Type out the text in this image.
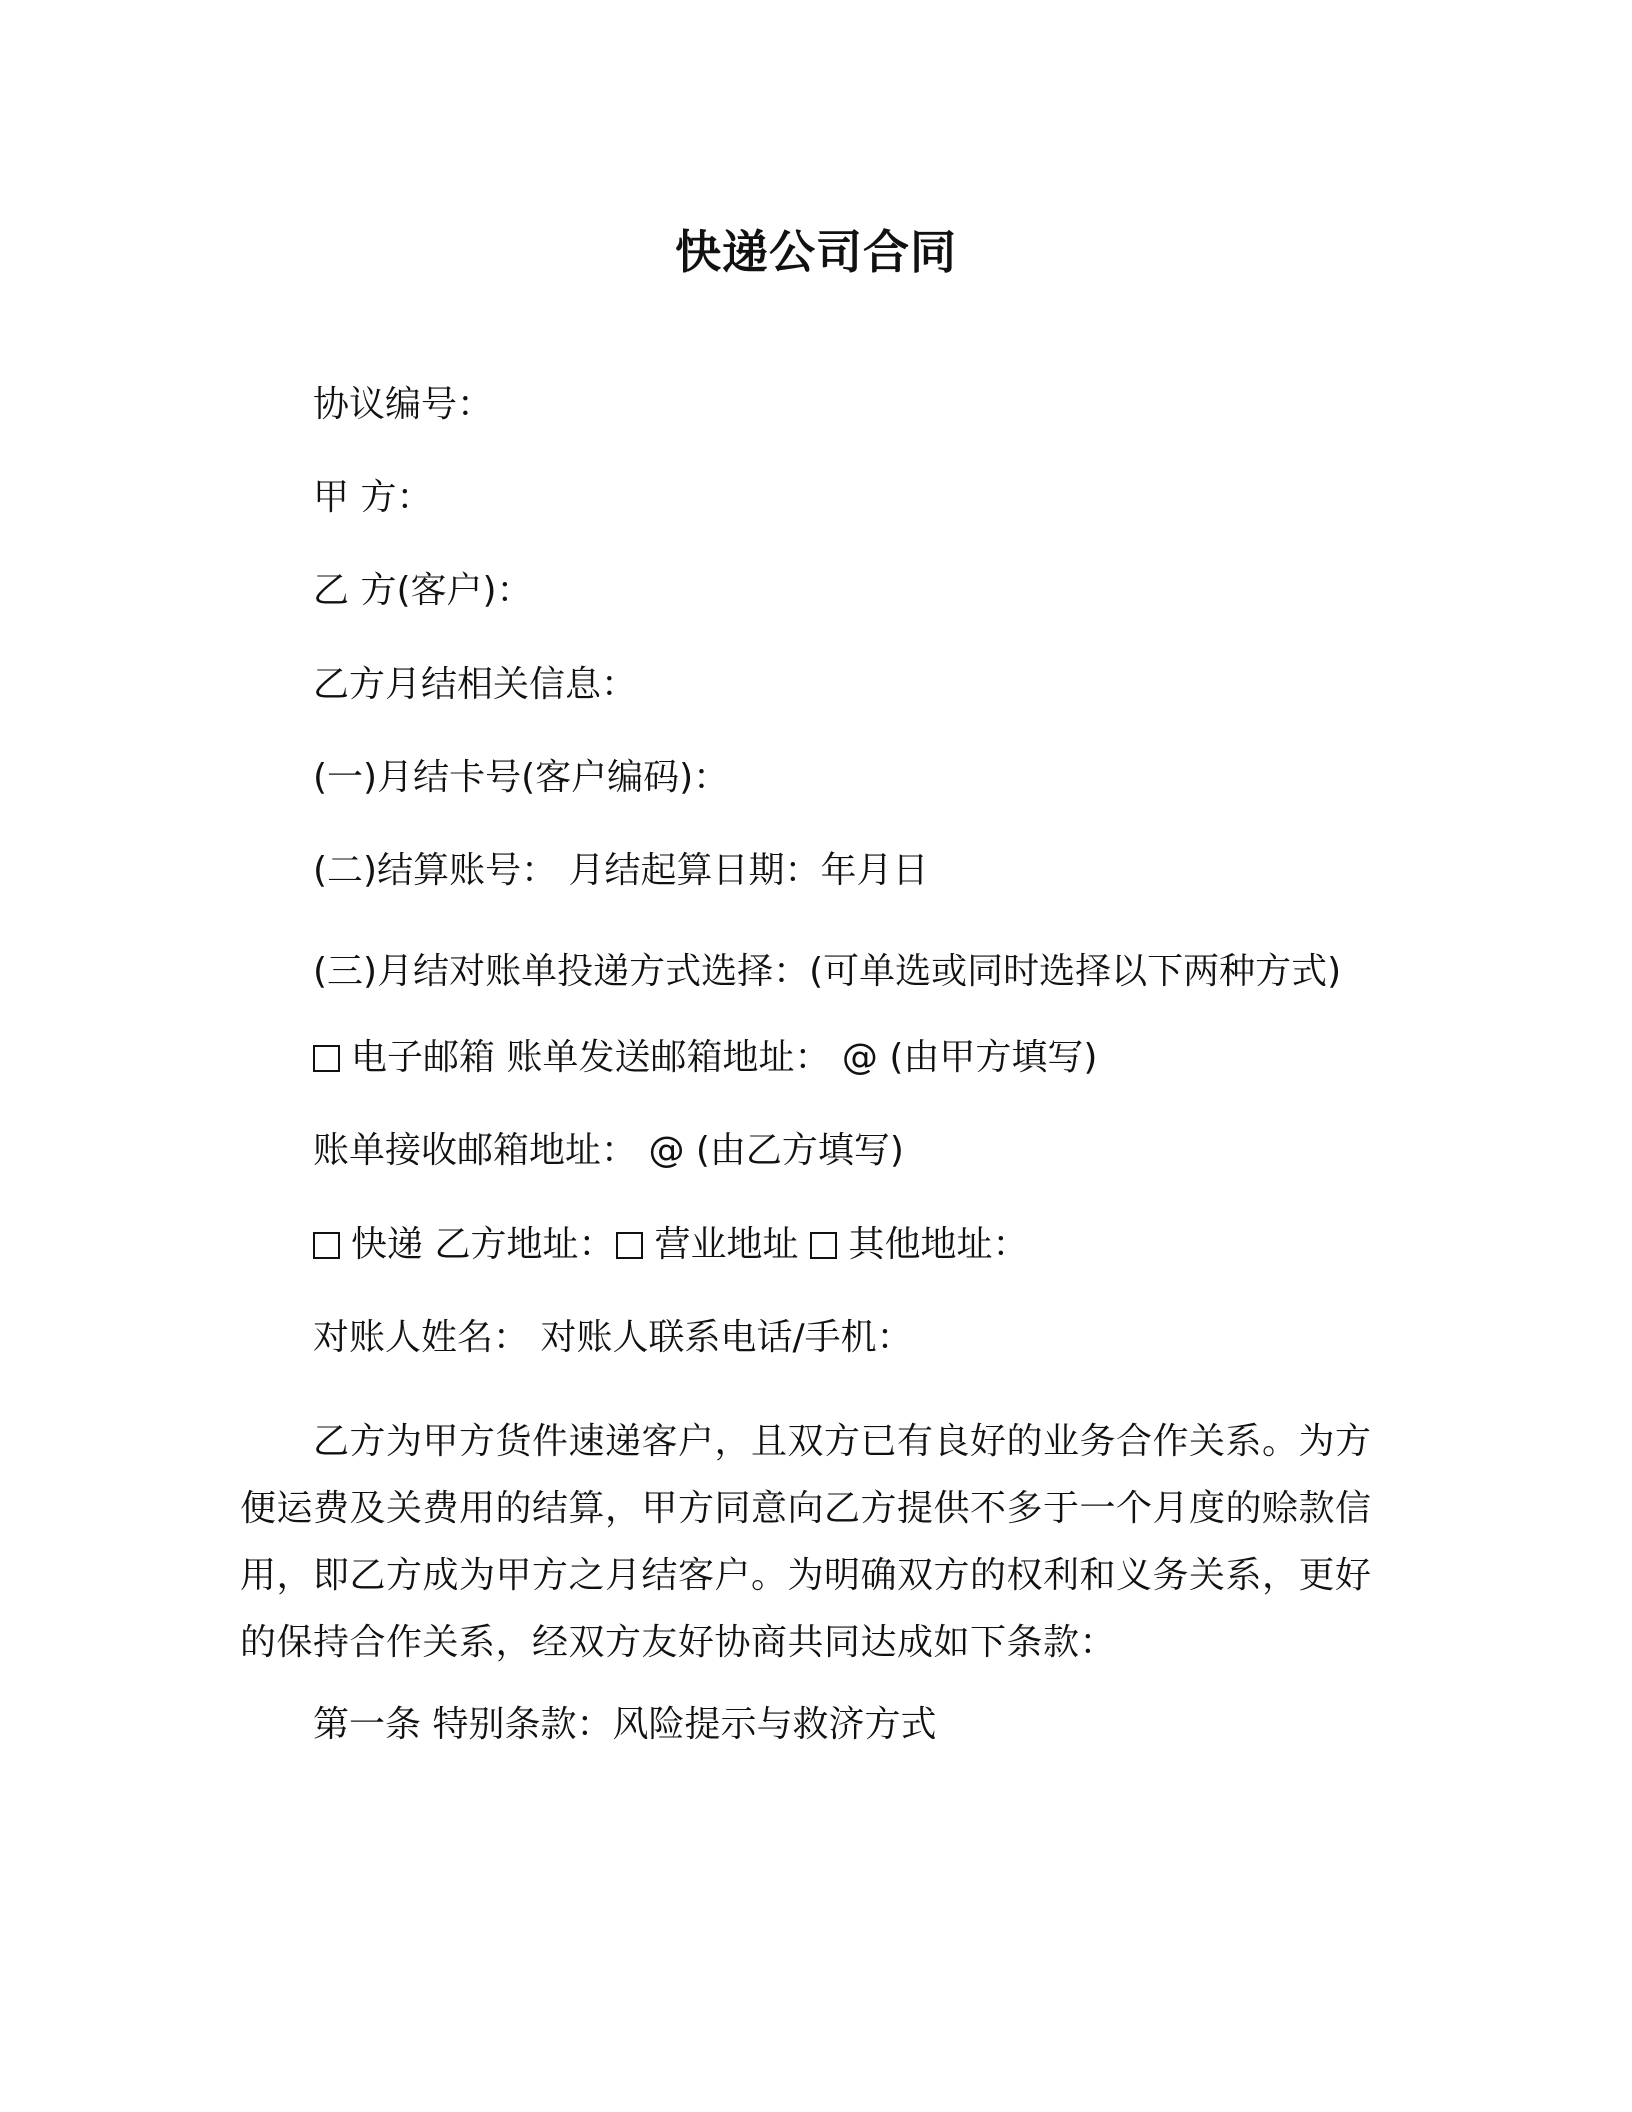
快递公司合同
协议编号：
甲 方：
乙 方(客户)：
乙方月结相关信息：
(一)月结卡号(客户编码)：
(二)结算账号： 月结起算日期：年月日
(三)月结对账单投递方式选择：(可单选或同时选择以下两种方式)
电子邮箱 账单发送邮箱地址： @ (由甲方填写)
账单接收邮箱地址： @ (由乙方填写)
快递 乙方地址： 营业地址 其他地址：
对账人姓名： 对账人联系电话/手机：
乙方为甲方货件速递客户，且双方已有良好的业务合作关系。为方便运费及关费用的结算，甲方同意向乙方提供不多于一个月度的赊款信用，即乙方成为甲方之月结客户。为明确双方的权利和义务关系，更好的保持合作关系，经双方友好协商共同达成如下条款：
第一条 特别条款：风险提示与救济方式
